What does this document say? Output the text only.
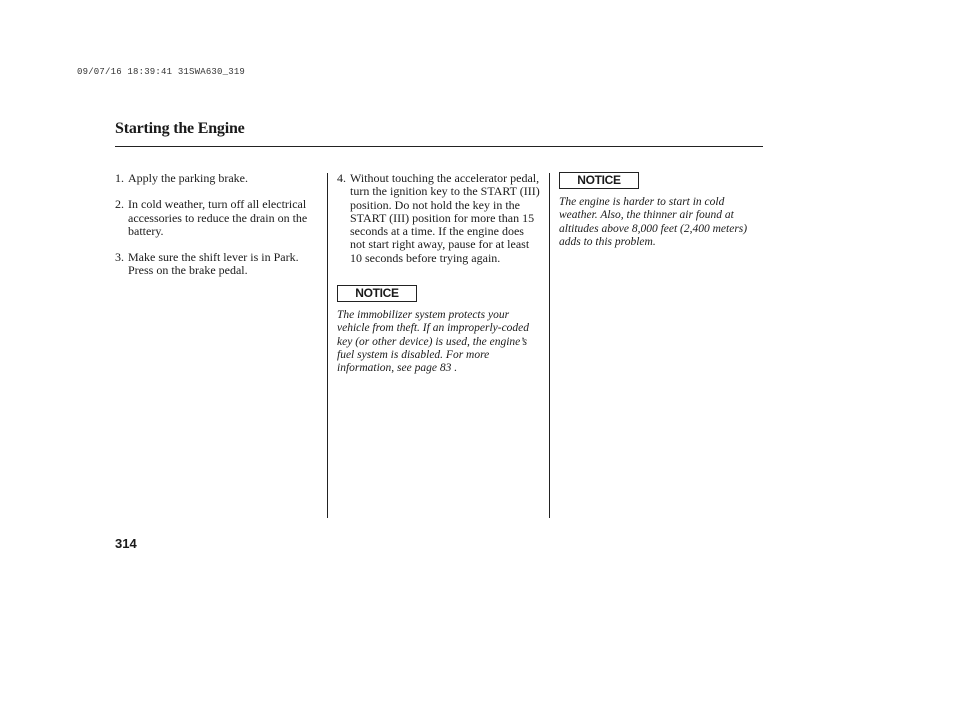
09/07/16 18:39:41 31SWA630_319
Starting the Engine
1. Apply the parking brake.
2. In cold weather, turn off all electrical accessories to reduce the drain on the battery.
3. Make sure the shift lever is in Park. Press on the brake pedal.
4. Without touching the accelerator pedal, turn the ignition key to the START (III) position. Do not hold the key in the START (III) position for more than 15 seconds at a time. If the engine does not start right away, pause for at least 10 seconds before trying again.
NOTICE
The immobilizer system protects your vehicle from theft. If an improperly-coded key (or other device) is used, the engine’s fuel system is disabled. For more information, see page 83 .
NOTICE
The engine is harder to start in cold weather. Also, the thinner air found at altitudes above 8,000 feet (2,400 meters) adds to this problem.
314
